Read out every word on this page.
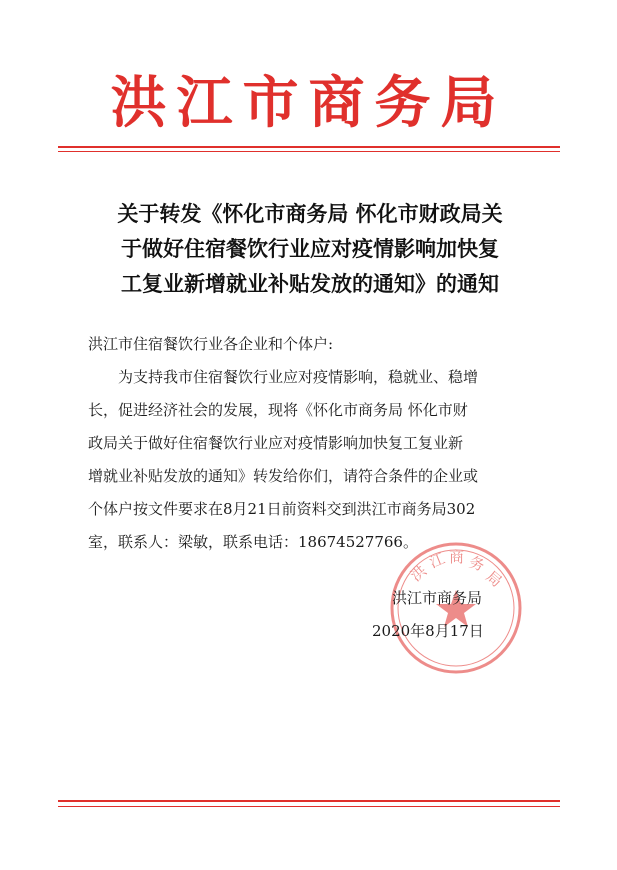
洪江市商务局
关于转发《怀化市商务局 怀化市财政局关
于做好住宿餐饮行业应对疫情影响加快复
工复业新增就业补贴发放的通知》的通知
洪江市住宿餐饮行业各企业和个体户:
为支持我市住宿餐饮行业应对疫情影响，稳就业、稳增
长，促进经济社会的发展，现将《怀化市商务局 怀化市财
政局关于做好住宿餐饮行业应对疫情影响加快复工复业新
增就业补贴发放的通知》转发给你们，请符合条件的企业或
个体户按文件要求在8月21日前资料交到洪江市商务局302
室，联系人：梁敏，联系电话：18674527766。
洪
江 商 务
局
洪江市商务局
2020年8月17日
